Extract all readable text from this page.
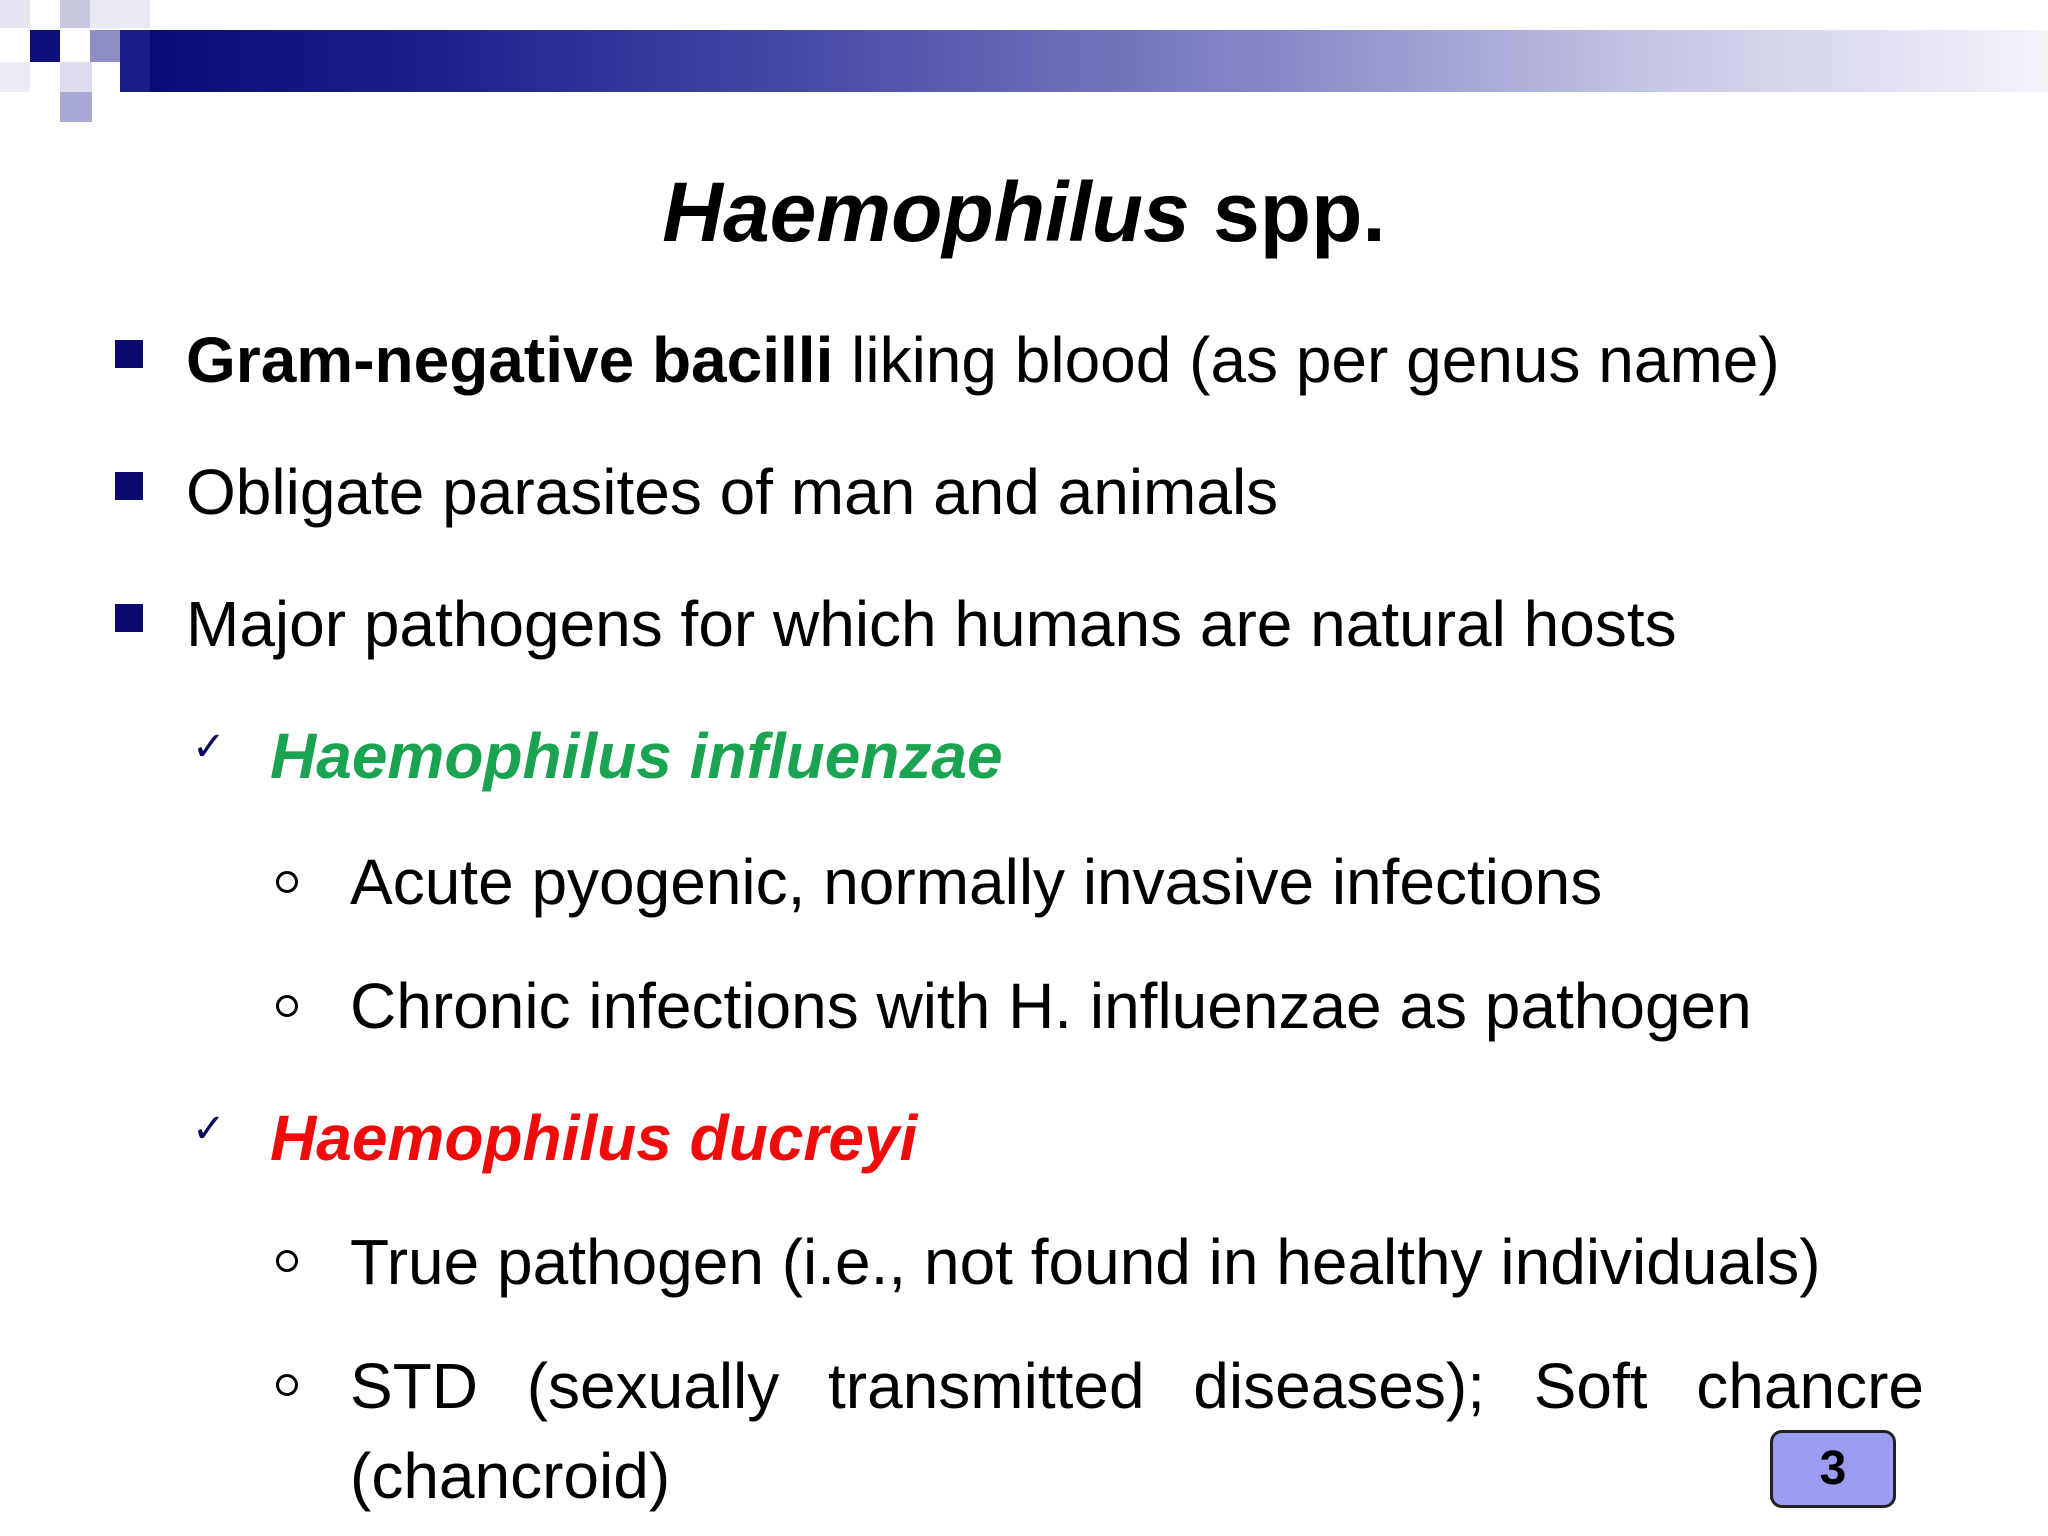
Haemophilus spp.
Gram-negative bacilli liking blood (as per genus name)
Obligate parasites of man and animals
Major pathogens for which humans are natural hosts
✓ Haemophilus influenzae
Acute pyogenic, normally invasive infections
Chronic infections with H. influenzae as pathogen
✓ Haemophilus ducreyi
True pathogen (i.e., not found in healthy individuals)
STD (sexually transmitted diseases); Soft chancre
(chancroid)	3
